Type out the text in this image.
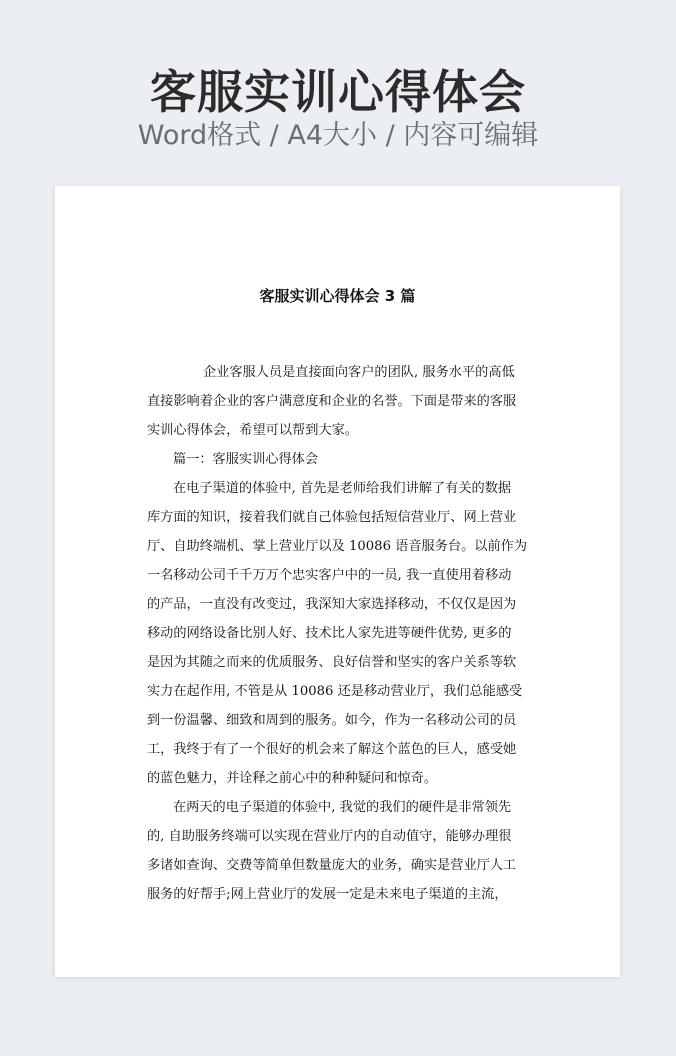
客服实训心得体会

Word格式 / A4大小 / 内容可编辑

客服实训心得体会 3 篇
企业客服人员是直接面向客户的团队, 服务水平的高低
直接影响着企业的客户满意度和企业的名誉。下面是带来的客服
实训心得体会，希望可以帮到大家。
篇一：客服实训心得体会
在电子渠道的体验中, 首先是老师给我们讲解了有关的数据
库方面的知识，接着我们就自己体验包括短信营业厅、网上营业
厅、自助终端机、掌上营业厅以及 10086 语音服务台。以前作为
一名移动公司千千万万个忠实客户中的一员, 我一直使用着移动
的产品，一直没有改变过，我深知大家选择移动，不仅仅是因为
移动的网络设备比别人好、技术比人家先进等硬件优势, 更多的
是因为其随之而来的优质服务、良好信誉和坚实的客户关系等软
实力在起作用, 不管是从 10086 还是移动营业厅，我们总能感受
到一份温馨、细致和周到的服务。如今，作为一名移动公司的员
工，我终于有了一个很好的机会来了解这个蓝色的巨人，感受她
的蓝色魅力，并诠释之前心中的种种疑问和惊奇。
在两天的电子渠道的体验中, 我觉的我们的硬件是非常领先
的, 自助服务终端可以实现在营业厅内的自动值守，能够办理很
多诸如查询、交费等简单但数量庞大的业务，确实是营业厅人工
服务的好帮手;网上营业厅的发展一定是未来电子渠道的主流，
